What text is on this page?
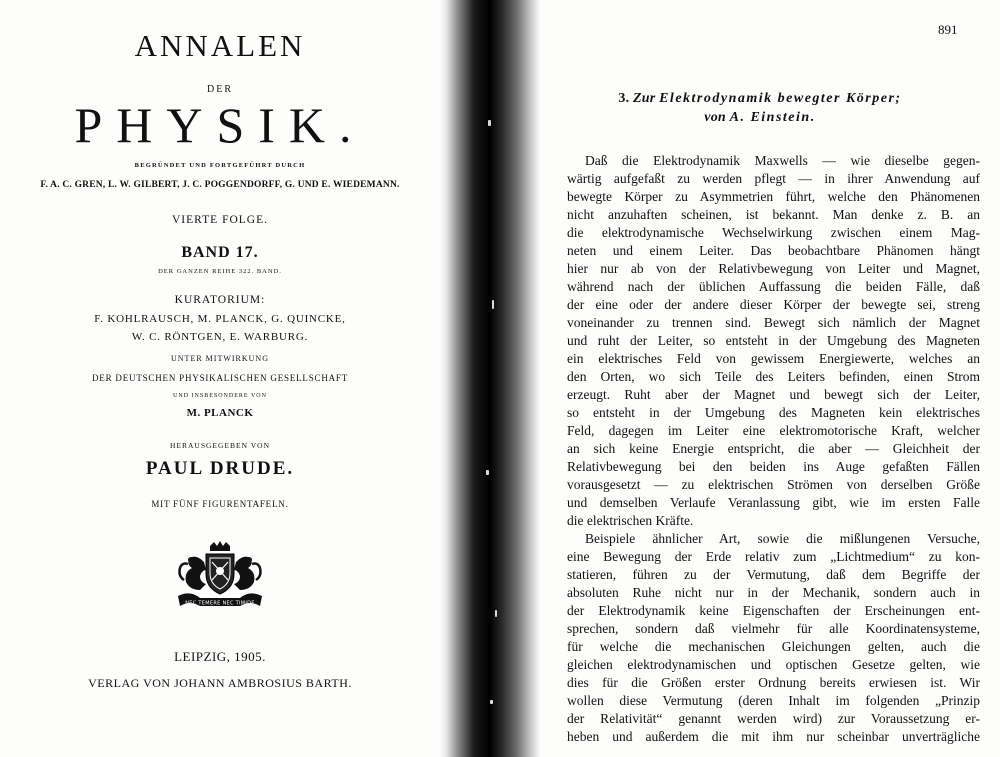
ANNALEN
DER
PHYSIK.
BEGRÜNDET UND FORTGEFÜHRT DURCH
F. A. C. GREN, L. W. GILBERT, J. C. POGGENDORFF, G. UND E. WIEDEMANN.
VIERTE FOLGE.
BAND 17.
DER GANZEN REIHE 322. BAND.
KURATORIUM:
F. KOHLRAUSCH, M. PLANCK, G. QUINCKE,
W. C. RÖNTGEN, E. WARBURG.
UNTER MITWIRKUNG
DER DEUTSCHEN PHYSIKALISCHEN GESELLSCHAFT
UND INSBESONDERE VON
M. PLANCK
HERAUSGEGEBEN VON
PAUL DRUDE.
MIT FÜNF FIGURENTAFELN.
NEC TEMERE NEC TIMIDE
LEIPZIG, 1905.
VERLAG VON JOHANN AMBROSIUS BARTH.
891
3. Zur Elektrodynamik bewegter Körper;
von A. Einstein.
Daß die Elektrodynamik Maxwells — wie dieselbe gegen-
wärtig aufgefaßt zu werden pflegt — in ihrer Anwendung auf
bewegte Körper zu Asymmetrien führt, welche den Phänomenen
nicht anzuhaften scheinen, ist bekannt. Man denke z. B. an
die elektrodynamische Wechselwirkung zwischen einem Mag-
neten und einem Leiter. Das beobachtbare Phänomen hängt
hier nur ab von der Relativbewegung von Leiter und Magnet,
während nach der üblichen Auffassung die beiden Fälle, daß
der eine oder der andere dieser Körper der bewegte sei, streng
voneinander zu trennen sind. Bewegt sich nämlich der Magnet
und ruht der Leiter, so entsteht in der Umgebung des Magneten
ein elektrisches Feld von gewissem Energiewerte, welches an
den Orten, wo sich Teile des Leiters befinden, einen Strom
erzeugt. Ruht aber der Magnet und bewegt sich der Leiter,
so entsteht in der Umgebung des Magneten kein elektrisches
Feld, dagegen im Leiter eine elektromotorische Kraft, welcher
an sich keine Energie entspricht, die aber — Gleichheit der
Relativbewegung bei den beiden ins Auge gefaßten Fällen
vorausgesetzt — zu elektrischen Strömen von derselben Größe
und demselben Verlaufe Veranlassung gibt, wie im ersten Falle
die elektrischen Kräfte.
Beispiele ähnlicher Art, sowie die mißlungenen Versuche,
eine Bewegung der Erde relativ zum „Lichtmedium“ zu kon-
statieren, führen zu der Vermutung, daß dem Begriffe der
absoluten Ruhe nicht nur in der Mechanik, sondern auch in
der Elektrodynamik keine Eigenschaften der Erscheinungen ent-
sprechen, sondern daß vielmehr für alle Koordinatensysteme,
für welche die mechanischen Gleichungen gelten, auch die
gleichen elektrodynamischen und optischen Gesetze gelten, wie
dies für die Größen erster Ordnung bereits erwiesen ist. Wir
wollen diese Vermutung (deren Inhalt im folgenden „Prinzip
der Relativität“ genannt werden wird) zur Voraussetzung er-
heben und außerdem die mit ihm nur scheinbar unverträgliche
